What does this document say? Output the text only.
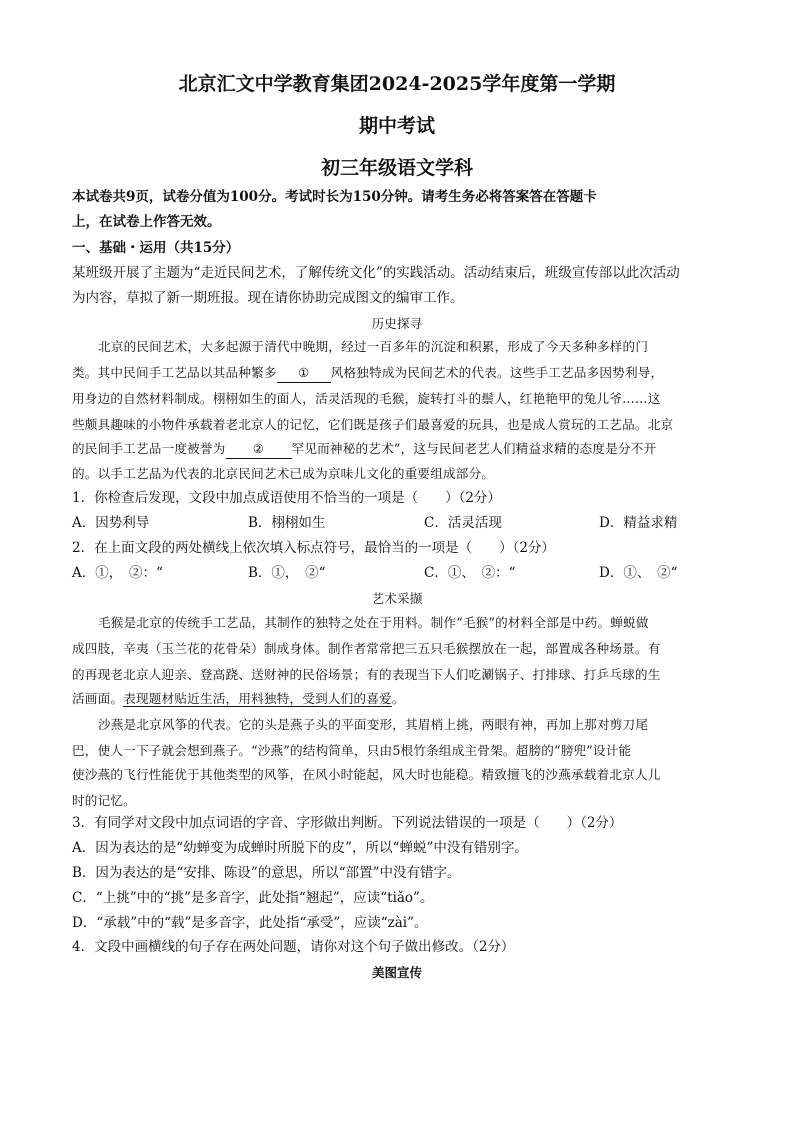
北京汇文中学教育集团2024-2025学年度第一学期
期中考试
初三年级语文学科
本试卷共9页，试卷分值为100分。考试时长为150分钟。请考生务必将答案答在答题卡
上，在试卷上作答无效。
一、基础・运用（共15分）
某班级开展了主题为“走近民间艺术，了解传统文化”的实践活动。活动结束后，班级宣传部以此次活动
为内容，草拟了新一期班报。现在请你协助完成图文的编审工作。
历史探寻
北京的民间艺术，大多起源于清代中晚期，经过一百多年的沉淀和积累，形成了今天多种多样的门
类。其中民间手工艺品以其品种繁多 ① 风格独特成为民间艺术的代表。这些手工艺品多因势利导，
用身边的自然材料制成。栩栩如生的面人，活灵活现的毛猴，旋转打斗的鬃人，红艳艳甲的兔儿爷……这
些颇具趣味的小物件承载着老北京人的记忆，它们既是孩子们最喜爱的玩具，也是成人赏玩的工艺品。北京
的民间手工艺品一度被誉为 ② 罕见而神秘的艺术”，这与民间老艺人们精益求精的态度是分不开
的。以手工艺品为代表的北京民间艺术已成为京味儿文化的重要组成部分。
1．你检查后发现，文段中加点成语使用不恰当的一项是（　　）（2分）
A．因势利导	B．栩栩如生	C．活灵活现	D．精益求精
2．在上面文段的两处横线上依次填入标点符号，最恰当的一项是（　　）（2分）
A．①，　②：“	B．①，　②“	C．①、　②：“	D．①、　②“
艺术采撷
毛猴是北京的传统手工艺品，其制作的独特之处在于用料。制作“毛猴”的材料全部是中药。蝉蜕做
成四肢，辛夷（玉兰花的花骨朵）制成身体。制作者常常把三五只毛猴摆放在一起，部置成各种场景。有
的再现老北京人迎亲、登高跷、送财神的民俗场景；有的表现当下人们吃涮锅子、打排球、打乒乓球的生
活画面。表现题材贴近生活，用料独特，受到人们的喜爱。
沙燕是北京风筝的代表。它的头是燕子头的平面变形，其眉梢上挑，两眼有神，再加上那对剪刀尾
巴，使人一下子就会想到燕子。“沙燕”的结构简单，只由5根竹条组成主骨架。超膀的“膀兜”设计能
使沙燕的飞行性能优于其他类型的风筝，在风小时能起，风大时也能稳。精致擅飞的沙燕承载着北京人儿
时的记忆。
3．有同学对文段中加点词语的字音、字形做出判断。下列说法错误的一项是（　　）（2分）
A．因为表达的是“幼蝉变为成蝉时所脱下的皮”，所以“蝉蜕”中没有错别字。
B．因为表达的是“安排、陈设”的意思，所以“部置”中没有错字。
C．“上挑”中的“挑”是多音字，此处指“翘起”，应读“tiǎo”。
D．“承载”中的“载”是多音字，此处指“承受”，应读“zài”。
4．文段中画横线的句子存在两处问题，请你对这个句子做出修改。（2分）
美图宣传
